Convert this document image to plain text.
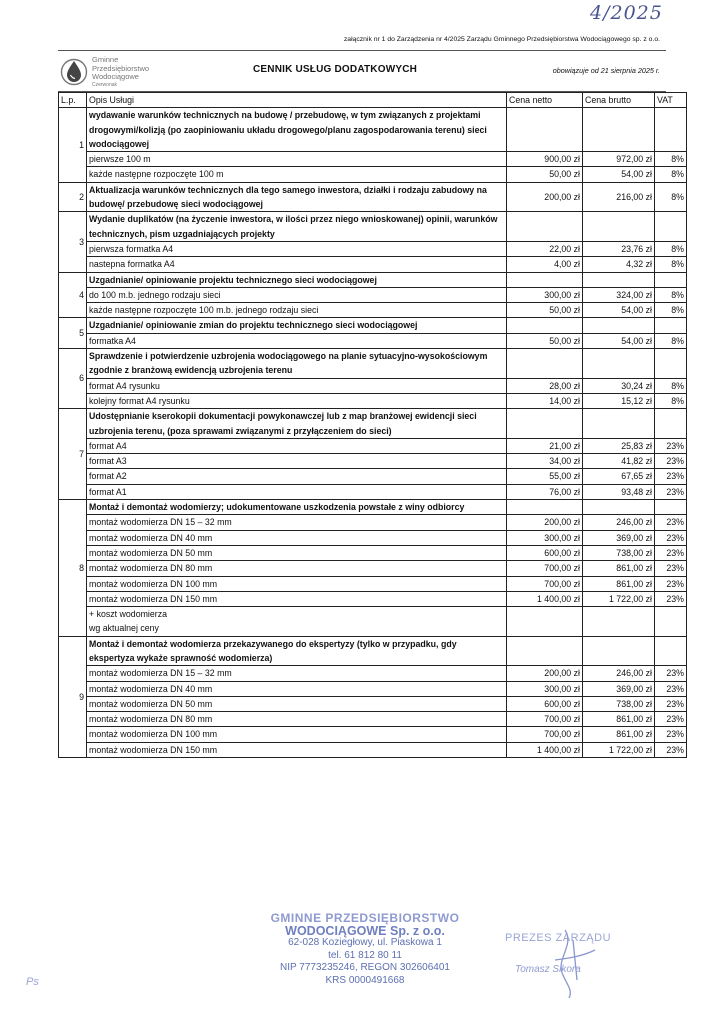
4/2025
załącznik nr 1 do Zarządzenia nr 4/2025 Zarządu Gminnego Przedsiębiorstwa Wodociągowego sp. z o.o.
Gminne
Przedsiębiorstwo
Wodociągowe
Czerwonak
CENNIK USŁUG DODATKOWYCH	obowiązuje od 21 sierpnia 2025 r.
L.p.	Opis Usługi	Cena netto	Cena brutto	VAT
1	wydawanie warunków technicznych na budowę / przebudowę, w tym związanych z projektami drogowymi/kolizją (po zaopiniowaniu układu drogowego/planu zagospodarowania terenu) sieci wodociągowej			
	pierwsze 100 m	900,00 zł	972,00 zł	8%
	każde następne rozpoczęte 100 m	50,00 zł	54,00 zł	8%
2	Aktualizacja warunków technicznych dla tego samego inwestora, działki i rodzaju zabudowy na budowę/ przebudowę sieci wodociągowej	200,00 zł	216,00 zł	8%
3	Wydanie duplikatów (na życzenie inwestora, w ilości przez niego wnioskowanej) opinii, warunków technicznych, pism uzgadniających projekty			
	pierwsza formatka A4	22,00 zł	23,76 zł	8%
	nastepna formatka A4	4,00 zł	4,32 zł	8%
4	Uzgadnianie/ opiniowanie projektu technicznego sieci wodociągowej			
	do 100 m.b. jednego rodzaju sieci	300,00 zł	324,00 zł	8%
	każde następne rozpoczęte 100 m.b. jednego rodzaju sieci	50,00 zł	54,00 zł	8%
5	Uzgadnianie/ opiniowanie zmian do projektu technicznego sieci wodociągowej			
	formatka A4	50,00 zł	54,00 zł	8%
6	Sprawdzenie i potwierdzenie uzbrojenia wodociągowego na planie sytuacyjno-wysokościowym zgodnie z branżową ewidencją uzbrojenia terenu			
	format A4 rysunku	28,00 zł	30,24 zł	8%
	kolejny format A4 rysunku	14,00 zł	15,12 zł	8%
7	Udostępnianie kserokopii dokumentacji powykonawczej lub z map branżowej ewidencji sieci uzbrojenia terenu, (poza sprawami związanymi z przyłączeniem do sieci)			
	format A4	21,00 zł	25,83 zł	23%
	format A3	34,00 zł	41,82 zł	23%
	format A2	55,00 zł	67,65 zł	23%
	format A1	76,00 zł	93,48 zł	23%
8	Montaż i demontaż wodomierzy; udokumentowane uszkodzenia powstałe z winy odbiorcy			
	montaż wodomierza DN 15 – 32 mm	200,00 zł	246,00 zł	23%
	montaż wodomierza DN 40 mm	300,00 zł	369,00 zł	23%
	montaż wodomierza DN 50 mm	600,00 zł	738,00 zł	23%
	montaż wodomierza DN 80 mm	700,00 zł	861,00 zł	23%
	montaż wodomierza DN 100 mm	700,00 zł	861,00 zł	23%
	montaż wodomierza DN 150 mm	1 400,00 zł	1 722,00 zł	23%
	+ koszt wodomierza
wg aktualnej ceny			
9	Montaż i demontaż wodomierza przekazywanego do ekspertyzy (tylko w przypadku, gdy ekspertyza wykaże sprawność wodomierza)			
	montaż wodomierza DN 15 – 32 mm	200,00 zł	246,00 zł	23%
	montaż wodomierza DN 40 mm	300,00 zł	369,00 zł	23%
	montaż wodomierza DN 50 mm	600,00 zł	738,00 zł	23%
	montaż wodomierza DN 80 mm	700,00 zł	861,00 zł	23%
	montaż wodomierza DN 100 mm	700,00 zł	861,00 zł	23%
	montaż wodomierza DN 150 mm	1 400,00 zł	1 722,00 zł	23%
GMINNE PRZEDSIĘBIORSTWO
WODOCIĄGOWE Sp. z o.o.
62-028 Koziegłowy, ul. Piaskowa 1
tel. 61 812 80 11
NIP 7773235246, REGON 302606401
KRS 0000491668
PREZES ZARZĄDU
Tomasz Sikora
Ps
